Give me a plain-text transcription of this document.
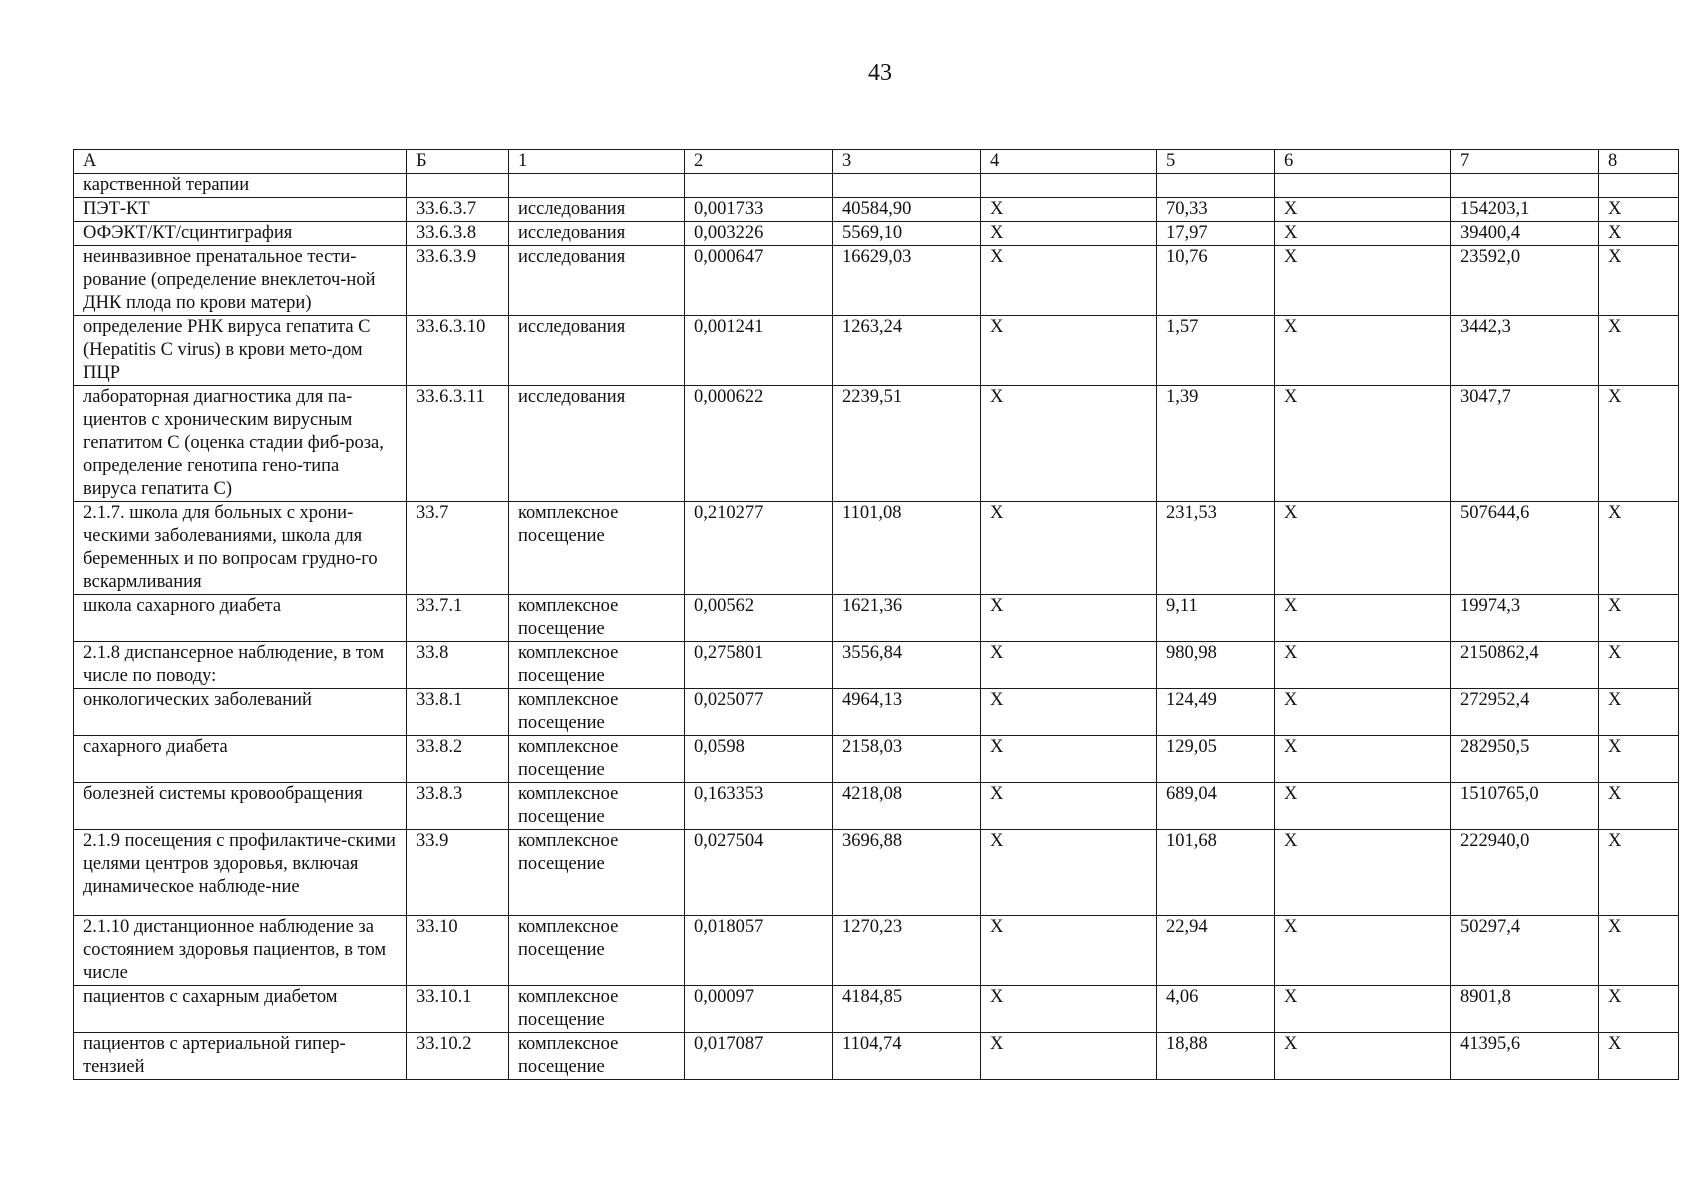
43
А	Б	1	2	3	4	5	6	7	8
карственной терапии									
ПЭТ-КТ	33.6.3.7	исследования	0,001733	40584,90	X	70,33	X	154203,1	X
ОФЭКТ/КТ/сцинтиграфия	33.6.3.8	исследования	0,003226	5569,10	X	17,97	X	39400,4	X
неинвазивное пренатальное тести-рование (определение внеклеточ-ной ДНК плода по крови матери)	33.6.3.9	исследования	0,000647	16629,03	X	10,76	X	23592,0	X
определение РНК вируса гепатита С (Hepatitis C virus) в крови мето-дом ПЦР	33.6.3.10	исследования	0,001241	1263,24	X	1,57	X	3442,3	X
лабораторная диагностика для па-циентов с хроническим вирусным гепатитом С (оценка стадии фиб-роза, определение генотипа гено-типа вируса гепатита С)	33.6.3.11	исследования	0,000622	2239,51	X	1,39	X	3047,7	X
2.1.7. школа для больных с хрони-ческими заболеваниями, школа для беременных и по вопросам грудно-го вскармливания	33.7	комплексное посещение	0,210277	1101,08	X	231,53	X	507644,6	X
школа сахарного диабета	33.7.1	комплексное посещение	0,00562	1621,36	X	9,11	X	19974,3	X
2.1.8 диспансерное наблюдение, в том числе по поводу:	33.8	комплексное посещение	0,275801	3556,84	X	980,98	X	2150862,4	X
онкологических заболеваний	33.8.1	комплексное посещение	0,025077	4964,13	X	124,49	X	272952,4	X
сахарного диабета	33.8.2	комплексное посещение	0,0598	2158,03	X	129,05	X	282950,5	X
болезней системы кровообращения	33.8.3	комплексное посещение	0,163353	4218,08	X	689,04	X	1510765,0	X
2.1.9 посещения с профилактиче-скими целями центров здоровья, включая динамическое наблюде-ние	33.9	комплексное посещение	0,027504	3696,88	X	101,68	X	222940,0	X
2.1.10 дистанционное наблюдение за состоянием здоровья пациентов, в том числе	33.10	комплексное посещение	0,018057	1270,23	X	22,94	X	50297,4	X
пациентов с сахарным диабетом	33.10.1	комплексное посещение	0,00097	4184,85	X	4,06	X	8901,8	X
пациентов с артериальной гипер-тензией	33.10.2	комплексное посещение	0,017087	1104,74	X	18,88	X	41395,6	X
